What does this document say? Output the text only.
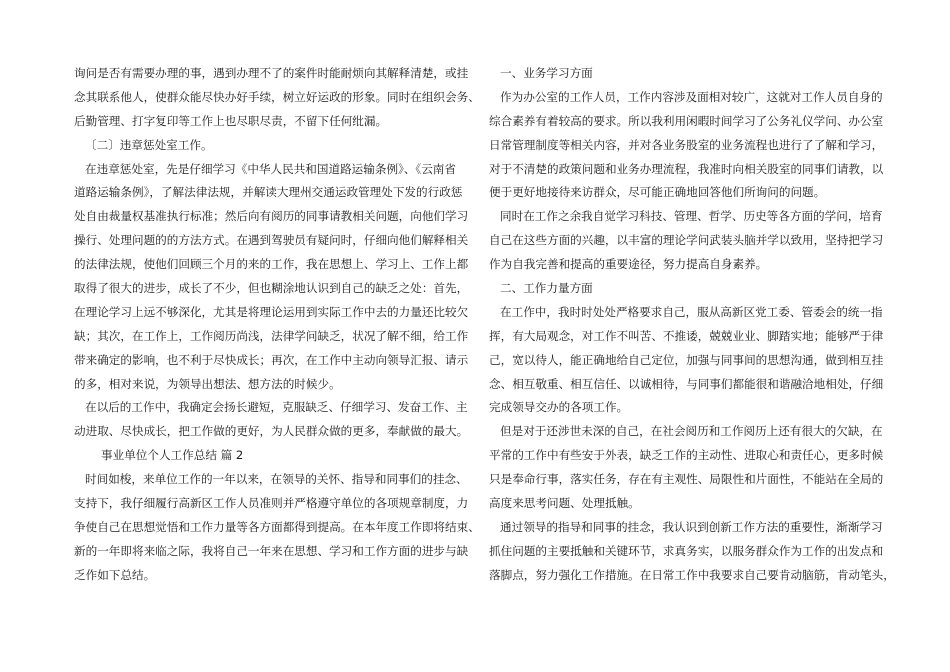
询问是否有需要办理的事，遇到办理不了的案件时能耐烦向其解释清楚，或挂
念其联系他人，使群众能尽快办好手续，树立好运政的形象。同时在组织会务、
后勤管理、打字复印等工作上也尽职尽责，不留下任何纰漏。
〔二〕违章惩处室工作。
在违章惩处室，先是仔细学习《中华人民共和国道路运输条例》、《云南省
道路运输条例》，了解法律法规，并解读大理州交通运政管理处下发的行政惩
处自由裁量权基准执行标准；然后向有阅历的同事请教相关问题，向他们学习
操行、处理问题的的方法方式。在遇到驾驶员有疑问时，仔细向他们解释相关
的法律法规，使他们回顾三个月的来的工作，我在思想上、学习上、工作上都
取得了很大的进步，成长了不少，但也糊涂地认识到自己的缺乏之处：首先，
在理论学习上远不够深化，尤其是将理论运用到实际工作中去的力量还比较欠
缺；其次，在工作上，工作阅历尚浅，法律学问缺乏，状况了解不细，给工作
带来确定的影响，也不利于尽快成长；再次，在工作中主动向领导汇报、请示
的多，相对来说，为领导出想法、想方法的时候少。
在以后的工作中，我确定会扬长避短，克服缺乏、仔细学习、发奋工作、主
动进取、尽快成长，把工作做的更好，为人民群众做的更多，奉献做的最大。
事业单位个人工作总结 篇 2
时间如梭，来单位工作的一年以来，在领导的关怀、指导和同事们的挂念、
支持下，我仔细履行高新区工作人员准则并严格遵守单位的各项规章制度，力
争使自己在思想觉悟和工作力量等各方面都得到提高。在本年度工作即将结束、
新的一年即将来临之际，我将自己一年来在思想、学习和工作方面的进步与缺
乏作如下总结。
一、业务学习方面
作为办公室的工作人员，工作内容涉及面相对较广，这就对工作人员自身的
综合素养有着较高的要求。所以我利用闲暇时间学习了公务礼仪学问、办公室
日常管理制度等相关内容，并对各业务股室的业务流程也进行了了解和学习，
对于不清楚的政策问题和业务办理流程，我准时向相关股室的同事们请教，以
便于更好地接待来访群众，尽可能正确地回答他们所询问的问题。
同时在工作之余我自觉学习科技、管理、哲学、历史等各方面的学问，培育
自己在这些方面的兴趣，以丰富的理论学问武装头脑并学以致用，坚持把学习
作为自我完善和提高的重要途径，努力提高自身素养。
二、工作力量方面
在工作中，我时时处处严格要求自己，服从高新区党工委、管委会的统一指
挥，有大局观念，对工作不叫苦、不推诿，兢兢业业、脚踏实地；能够严于律
己，宽以待人，能正确地给自己定位，加强与同事间的思想沟通，做到相互挂
念、相互敬重、相互信任、以诚相待，与同事们都能很和谐融洽地相处，仔细
完成领导交办的各项工作。
但是对于还涉世未深的自己，在社会阅历和工作阅历上还有很大的欠缺，在
平常的工作中有些安于外表，缺乏工作的主动性、进取心和责任心，更多时候
只是奉命行事，落实任务，存在有主观性、局限性和片面性，不能站在全局的
高度来思考问题、处理抵触。
通过领导的指导和同事的挂念，我认识到创新工作方法的重要性，渐渐学习
抓住问题的主要抵触和关键环节，求真务实，以服务群众作为工作的出发点和
落脚点，努力强化工作措施。在日常工作中我要求自己要肯动脑筋，肯动笔头，
